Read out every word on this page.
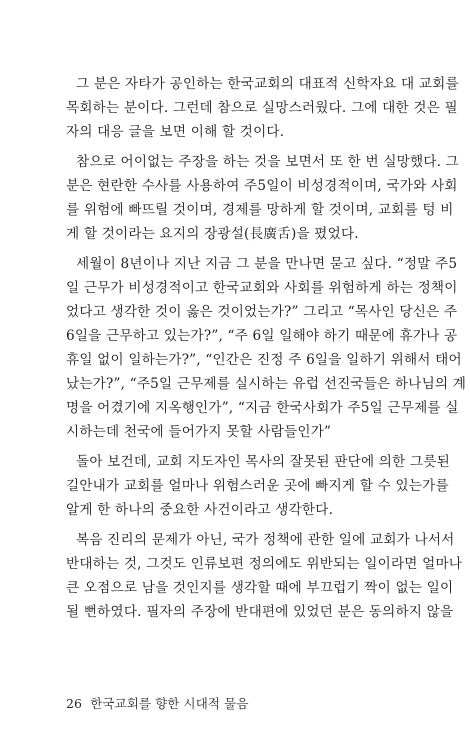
그 분은 자타가 공인하는 한국교회의 대표적 신학자요 대 교회를
목회하는 분이다. 그런데 참으로 실망스러웠다. 그에 대한 것은 필
자의 대응 글을 보면 이해 할 것이다.

참으로 어이없는 주장을 하는 것을 보면서 또 한 번 실망했다. 그
분은 현란한 수사를 사용하여 주5일이 비성경적이며, 국가와 사회
를 위험에 빠뜨릴 것이며, 경제를 망하게 할 것이며, 교회를 텅 비
게 할 것이라는 요지의 장광설(長廣舌)을 폈었다.

세월이 8년이나 지난 지금 그 분을 만나면 묻고 싶다. “정말 주5
일 근무가 비성경적이고 한국교회와 사회를 위험하게 하는 정책이
었다고 생각한 것이 옳은 것이었는가?” 그리고 “목사인 당신은 주
6일을 근무하고 있는가?”, “주 6일 일해야 하기 때문에 휴가나 공
휴일 없이 일하는가?”, “인간은 진정 주 6일을 일하기 위해서 태어
났는가?”, “주5일 근무제를 실시하는 유럽 선진국들은 하나님의 계
명을 어겼기에 지옥행인가”, “지금 한국사회가 주5일 근무제를 실
시하는데 천국에 들어가지 못할 사람들인가”

돌아 보건데, 교회 지도자인 목사의 잘못된 판단에 의한 그릇된
길안내가 교회를 얼마나 위험스러운 곳에 빠지게 할 수 있는가를
알게 한 하나의 중요한 사건이라고 생각한다.

복음 진리의 문제가 아닌, 국가 정책에 관한 일에 교회가 나서서
반대하는 것, 그것도 인류보편 정의에도 위반되는 일이라면 얼마나
큰 오점으로 남을 것인지를 생각할 때에 부끄럽기 짝이 없는 일이
될 뻔하였다. 필자의 주장에 반대편에 있었던 분은 동의하지 않을

26 한국교회를 향한 시대적 물음
